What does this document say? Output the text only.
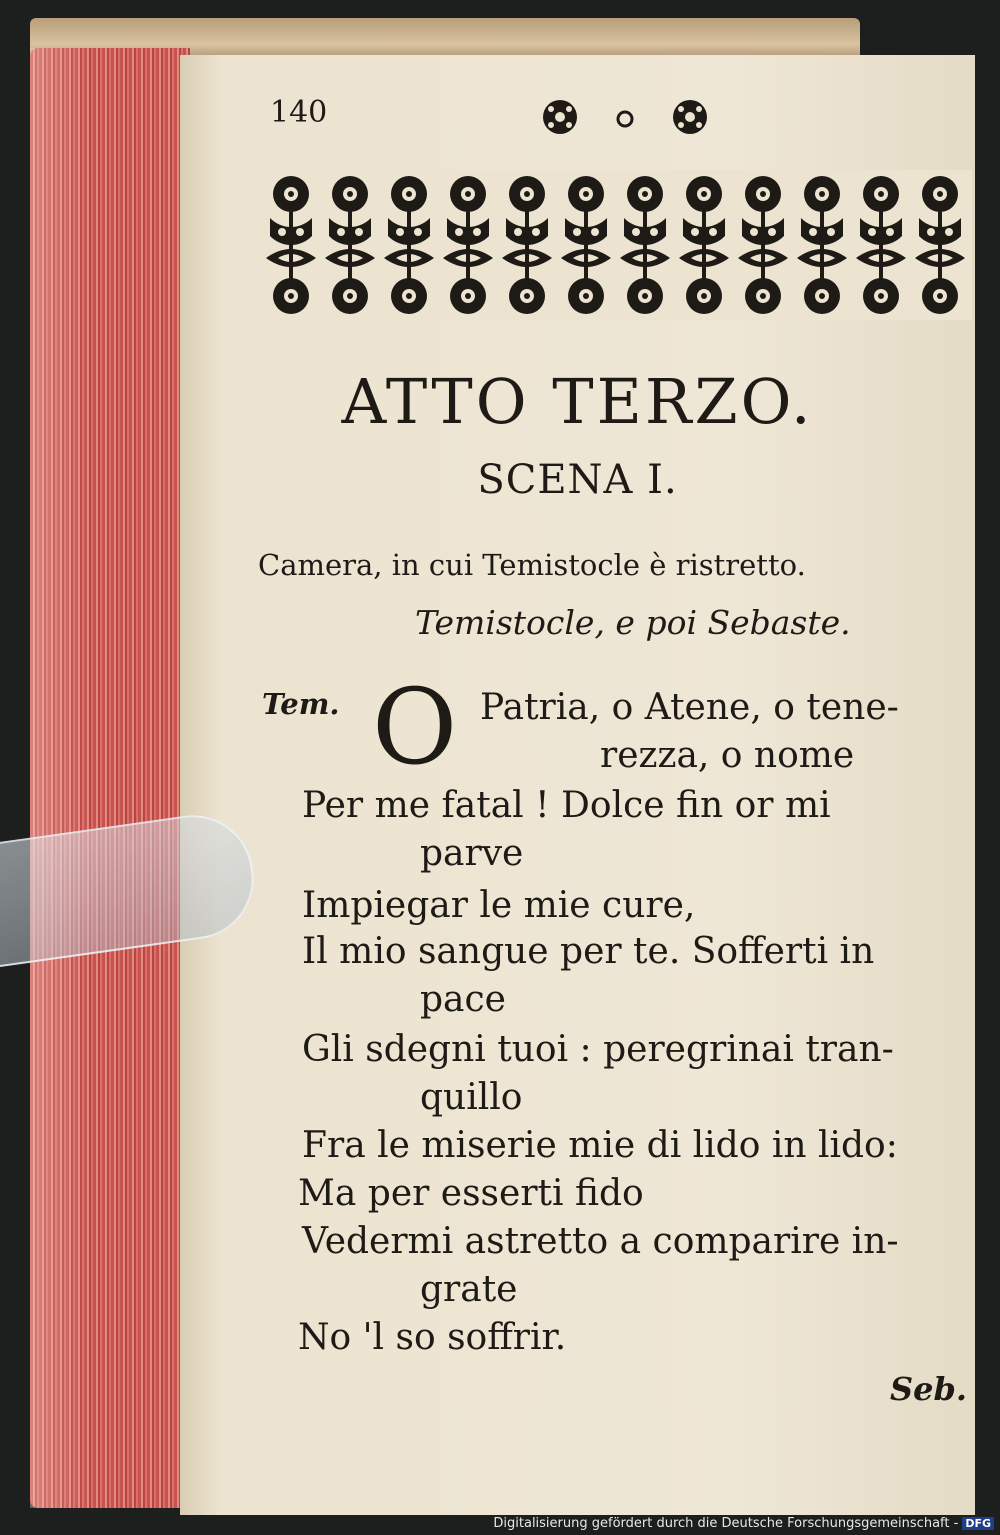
140
ATTO TERZO.
SCENA I.
Camera, in cui Temistocle è ristretto.
Temistocle, e poi Sebaste.
Tem. O Patria, o Atene, o tene-
rezza, o nome
Per me fatal ! Dolce fin or mi
parve
Impiegar le mie cure,
Il mio sangue per te. Sofferti in
pace
Gli sdegni tuoi : peregrinai tran-
quillo
Fra le miserie mie di lido in lido:
Ma per esserti fido
Vedermi astretto a comparire in-
grate
No 'l so soffrir.
Seb.
Digitalisierung gefördert durch die Deutsche Forschungsgemeinschaft - DFG
